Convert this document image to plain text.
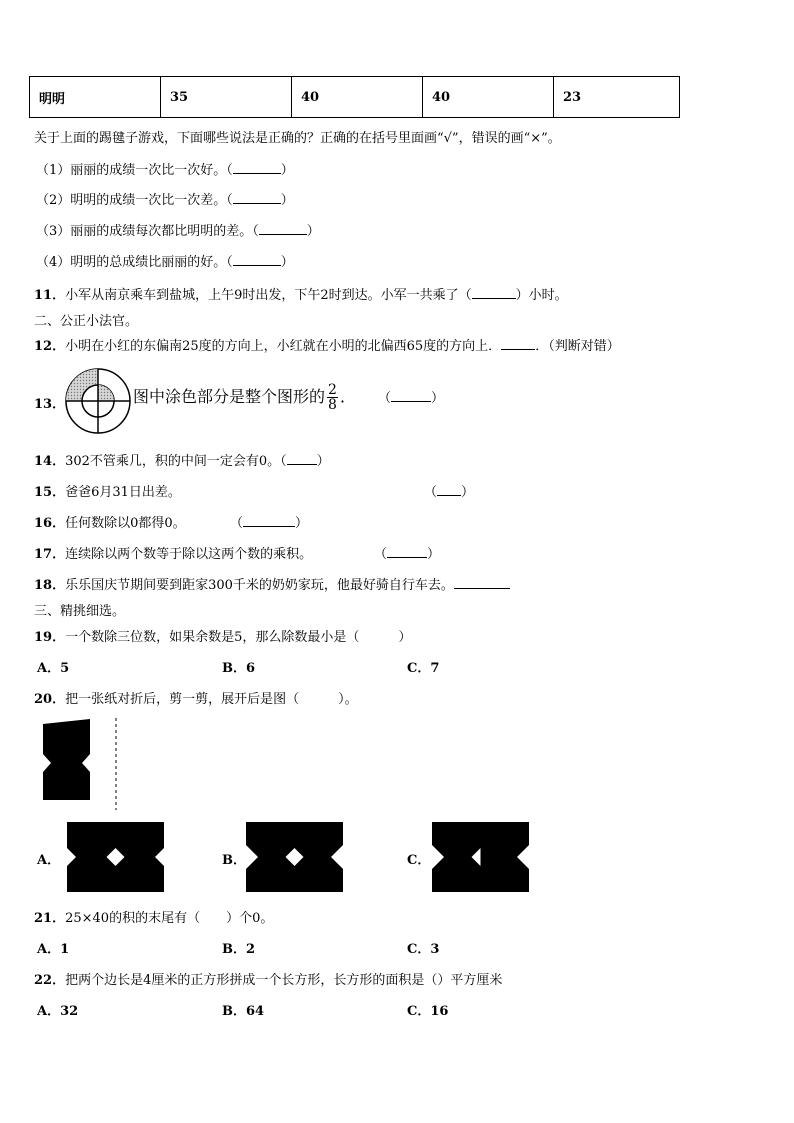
明明	35	40	40	23
关于上面的踢毽子游戏，下面哪些说法是正确的？正确的在括号里面画“√”，错误的画“×”。
（1）丽丽的成绩一次比一次好。（	）
（2）明明的成绩一次比一次差。（	）
（3）丽丽的成绩每次都比明明的差。（	）
（4）明明的总成绩比丽丽的好。（	）
11．小军从南京乘车到盐城，上午9时出发，下午2时到达。小军一共乘了（	）小时。
二、公正小法官。
12．小明在小红的东偏南25度的方向上，小红就在小明的北偏西65度的方向上．	．（判断对错）
13．	图中涂色部分是整个图形的 $\frac{2}{8}$ ． （	）
14．302不管乘几，积的中间一定会有0。（ ）
15．爸爸6月31日出差。	（ ）
16．任何数除以0都得0。	（	）
17．连续除以两个数等于除以这两个数的乘积。	（	）
18．乐乐国庆节期间要到距家300千米的奶奶家玩，他最好骑自行车去。
三、精挑细选。
19．一个数除三位数，如果余数是5，那么除数最小是（　　　）
A．5	B．6	C．7
20．把一张纸对折后，剪一剪，展开后是图（　　　）。
A．	B．	C．
21．25×40的积的末尾有（　　）个0。
A．1	B．2	C．3
22．把两个边长是4厘米的正方形拼成一个长方形，长方形的面积是（）平方厘米
A．32	B．64	C．16
